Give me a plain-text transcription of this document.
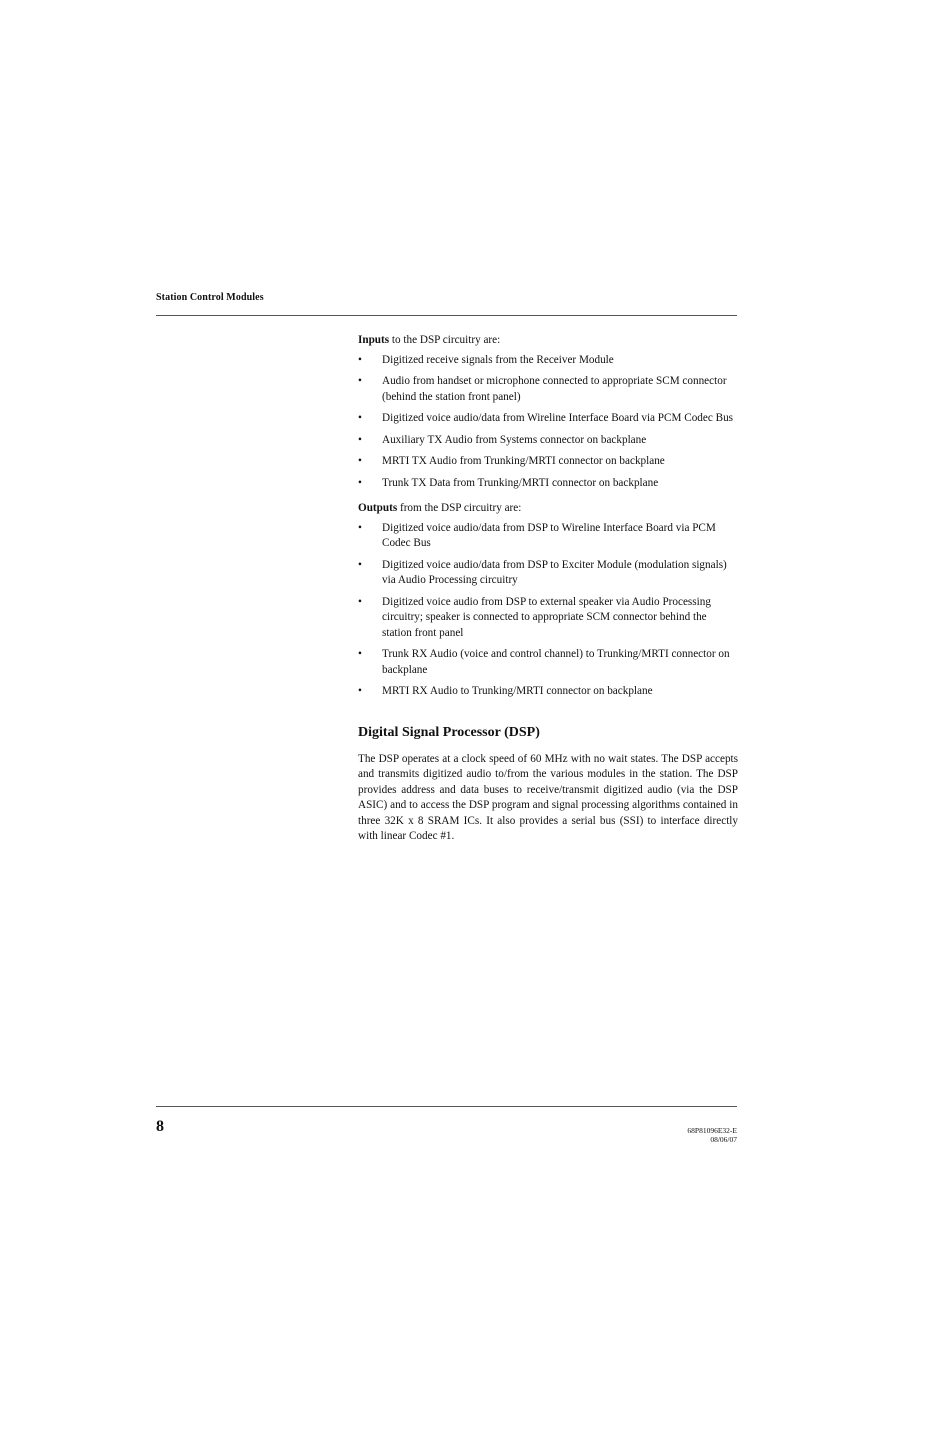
Station Control Modules

Inputs to the DSP circuitry are:

•	Digitized receive signals from the Receiver Module
•	Audio from handset or microphone connected to appropriate SCM connector (behind the station front panel)
•	Digitized voice audio/data from Wireline Interface Board via PCM Codec Bus
•	Auxiliary TX Audio from Systems connector on backplane
•	MRTI TX Audio from Trunking/MRTI connector on backplane
•	Trunk TX Data from Trunking/MRTI connector on backplane

Outputs from the DSP circuitry are:

•	Digitized voice audio/data from DSP to Wireline Interface Board via PCM Codec Bus
•	Digitized voice audio/data from DSP to Exciter Module (modulation signals) via Audio Processing circuitry
•	Digitized voice audio from DSP to external speaker via Audio Processing circuitry; speaker is connected to appropriate SCM connector behind the station front panel
•	Trunk RX Audio (voice and control channel) to Trunking/MRTI connector on backplane
•	MRTI RX Audio to Trunking/MRTI connector on backplane
Digital Signal Processor (DSP)

The DSP operates at a clock speed of 60 MHz with no wait states. The DSP accepts and transmits digitized audio to/from the various modules in the station. The DSP provides address and data buses to receive/transmit digitized audio (via the DSP ASIC) and to access the DSP program and signal processing algorithms contained in three 32K x 8 SRAM ICs. It also provides a serial bus (SSI) to interface directly with linear Codec #1.

8	68P81096E32-E
08/06/07
